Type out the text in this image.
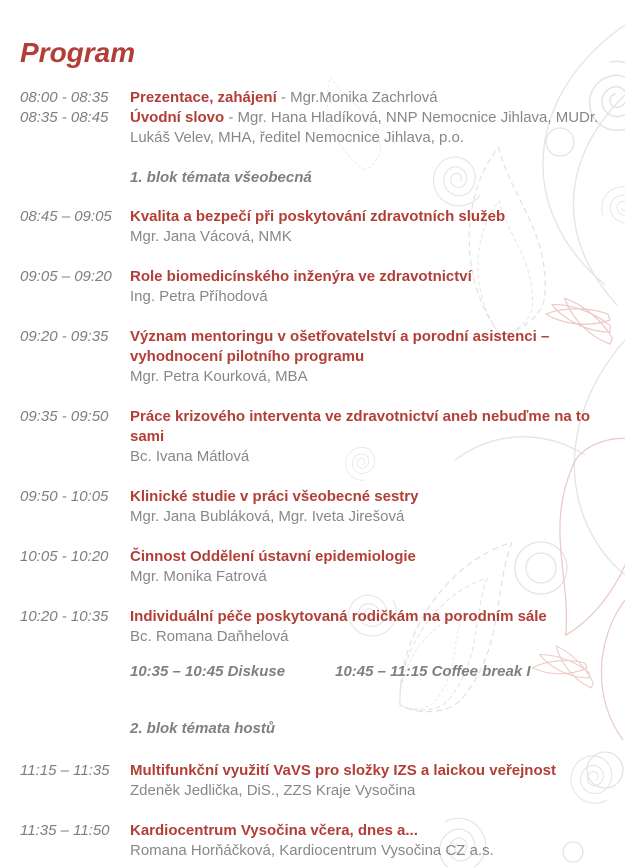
Program
08:00 - 08:35	Prezentace, zahájení - Mgr.Monika Zachrlová
08:35 - 08:45	Úvodní slovo - Mgr. Hana Hladíková, NNP Nemocnice Jihlava, MUDr. Lukáš Velev, MHA, ředitel Nemocnice Jihlava, p.o.
1. blok témata všeobecná
08:45 – 09:05	Kvalita a bezpečí při poskytování zdravotních služeb
Mgr. Jana Vácová, NMK
09:05 – 09:20	Role biomedicínského inženýra ve zdravotnictví
Ing. Petra Příhodová
09:20 - 09:35	Význam mentoringu v ošetřovatelství a porodní asistenci – vyhodnocení pilotního programu
Mgr. Petra Kourková, MBA
09:35 - 09:50	Práce krizového interventa ve zdravotnictví aneb nebuďme na to sami
Bc. Ivana Mátlová
09:50 - 10:05	Klinické studie v práci všeobecné sestry
Mgr. Jana Bubláková, Mgr. Iveta Jirešová
10:05 - 10:20	Činnost Oddělení ústavní epidemiologie
Mgr. Monika Fatrová
10:20 - 10:35	Individuální péče poskytovaná rodičkám na porodním sále
Bc. Romana Daňhelová
10:35 – 10:45 Diskuse	10:45 – 11:15 Coffee break I
2. blok témata hostů
11:15 – 11:35	Multifunkční využití VaVS pro složky IZS a laickou veřejnost
Zdeněk Jedlička, DiS., ZZS Kraje Vysočina
11:35 – 11:50	Kardiocentrum Vysočina včera, dnes a...
Romana Horňáčková, Kardiocentrum Vysočina CZ a.s.
